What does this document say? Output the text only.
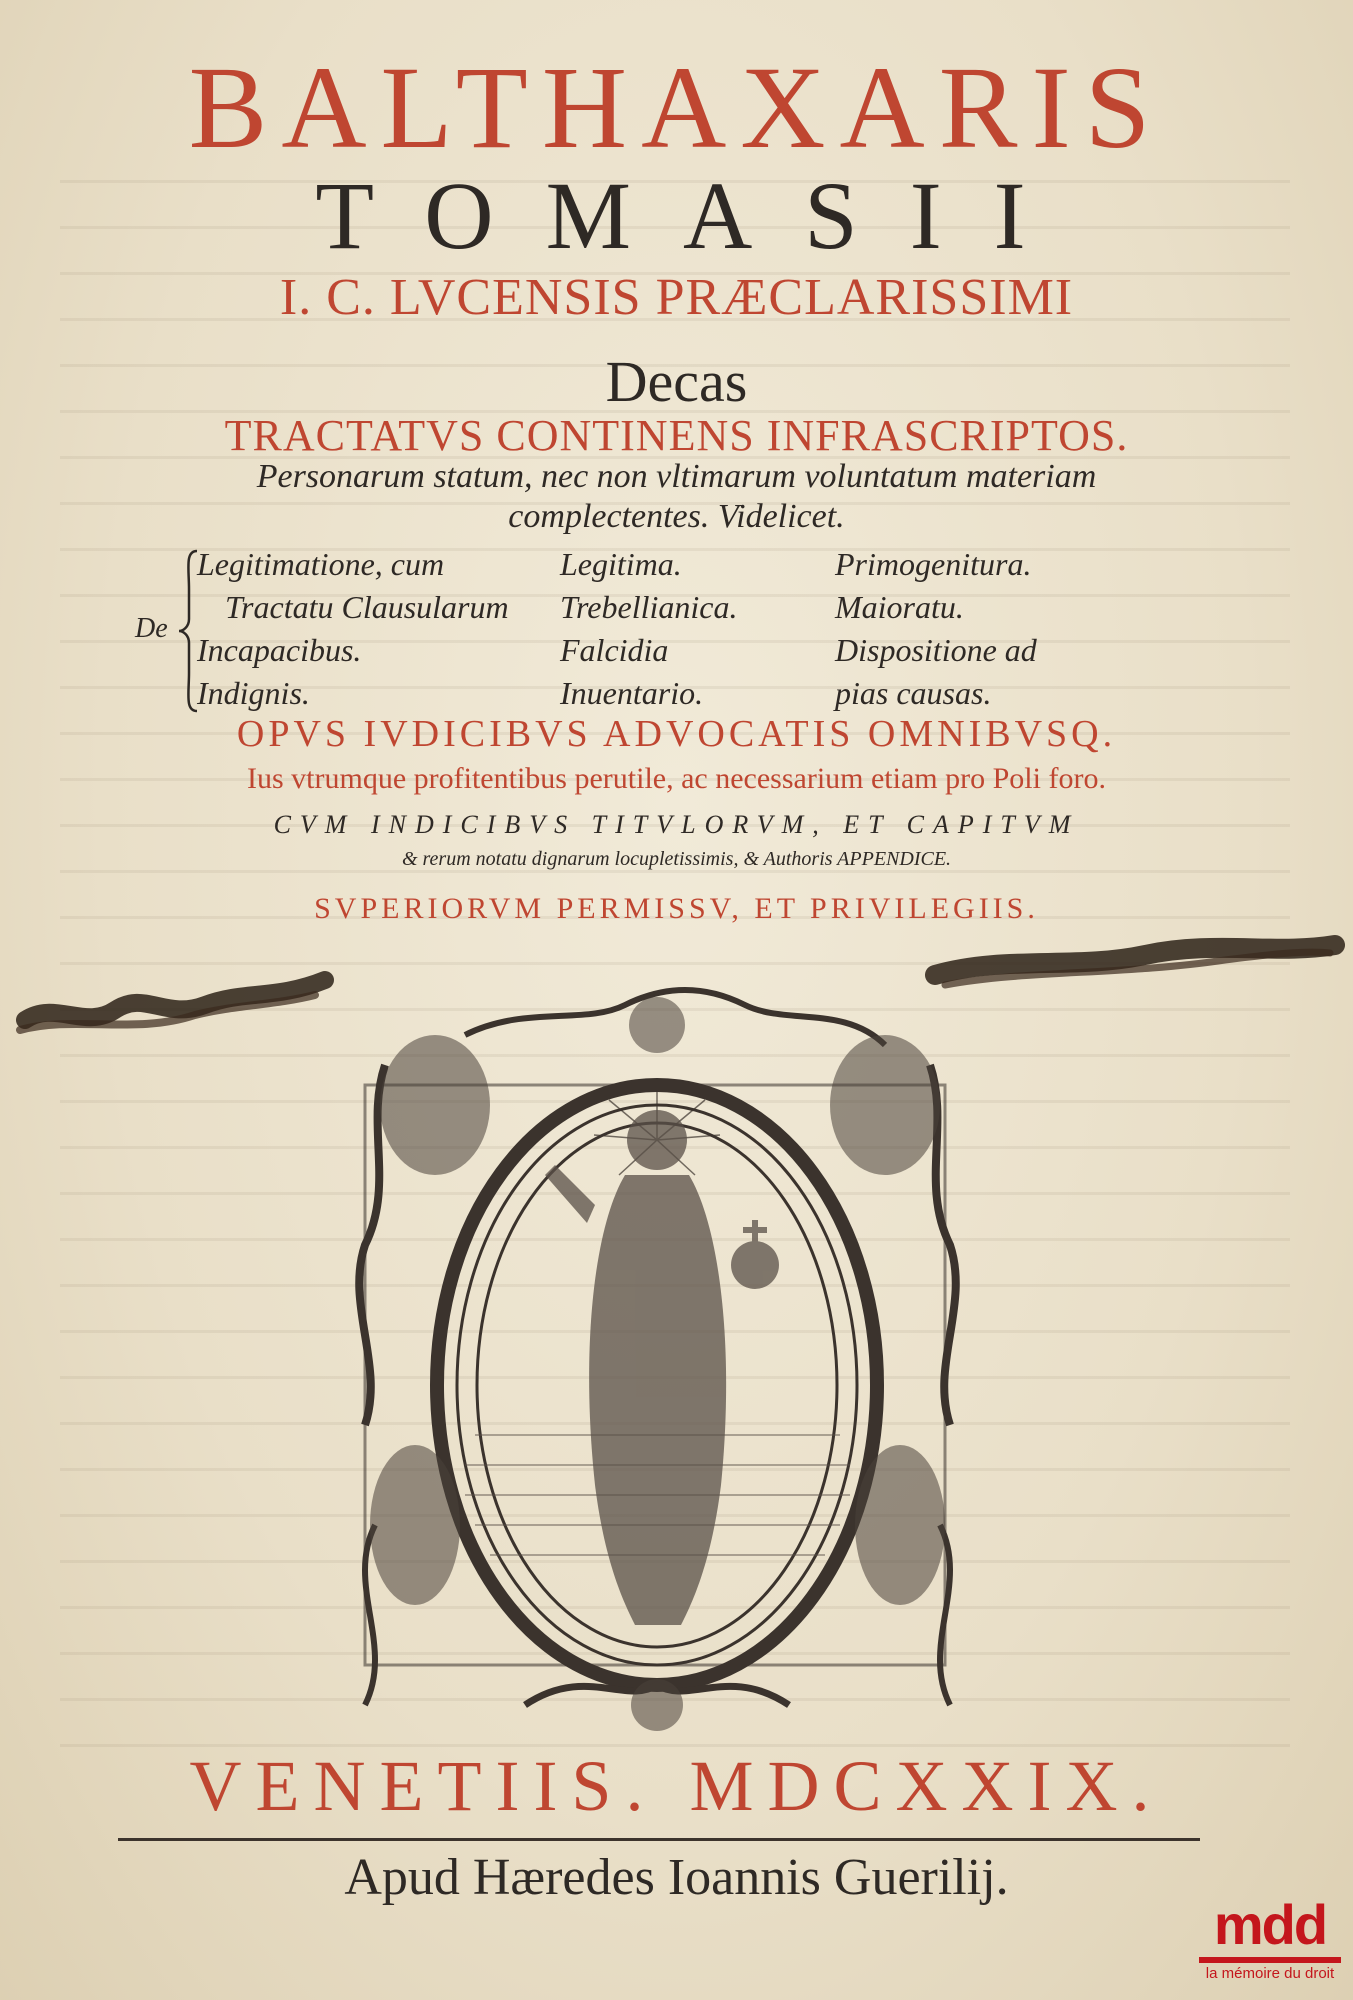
BALTHAXARIS
TOMASII
I. C. LVCENSIS PRÆCLARISSIMI
Decas
TRACTATVS CONTINENS INFRASCRIPTOS.
Personarum statum, nec non vltimarum voluntatum materiam
complectentes. Videlicet.
De
Legitimatione, cum
Tractatu Clausularum
Incapacibus.
Indignis.
Legitima.
Trebellianica.
Falcidia
Inuentario.
Primogenitura.
Maioratu.
Dispositione ad
pias causas.
OPVS IVDICIBVS ADVOCATIS OMNIBVSQ.
Ius vtrumque profitentibus perutile, ac necessarium etiam pro Poli foro.
CVM INDICIBVS TITVLORVM, ET CAPITVM
& rerum notatu dignarum locupletissimis, & Authoris APPENDICE.
SVPERIORVM PERMISSV, ET PRIVILEGIIS.
VENETIIS. MDCXXIX.
Apud Hæredes Ioannis Guerilij.
mdd
la mémoire du droit
